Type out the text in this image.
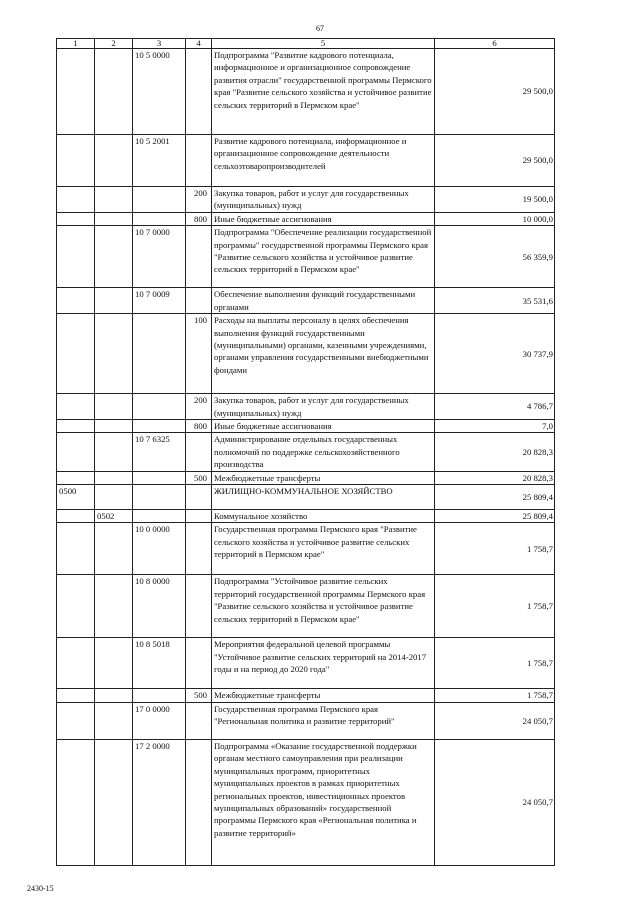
67
1	2	3	4	5	6
		10 5 0000		Подпрограмма "Развитие кадрового потенциала, информационное и организационное сопровождение развития отрасли" государственной программы Пермского края "Развитие сельского хозяйства и устойчивое развитие сельских территорий в Пермском крае"	29 500,0
		10 5 2001		Развитие кадрового потенциала, информационное и организационное сопровождение деятельности сельхозтоваропроизводителей	29 500,0
			200	Закупка товаров, работ и услуг для государственных (муниципальных) нужд	19 500,0
			800	Иные бюджетные ассигнования	10 000,0
		10 7 0000		Подпрограмма "Обеспечение реализации государственной программы" государственной программы Пермского края "Развитие сельского хозяйства и устойчивое развитие сельских территорий в Пермском крае"	56 359,9
		10 7 0009		Обеспечение выполнения функций государственными органами	35 531,6
			100	Расходы на выплаты персоналу в целях обеспечения выполнения функций государственными (муниципальными) органами, казенными учреждениями, органами управления государственными внебюджетными фондами	30 737,9
			200	Закупка товаров, работ и услуг для государственных (муниципальных) нужд	4 786,7
			800	Иные бюджетные ассигнования	7,0
		10 7 6325		Администрирование отдельных государственных полномочий по поддержке сельскохозяйственного производства	20 828,3
			500	Межбюджетные трансферты	20 828,3
0500				ЖИЛИЩНО-КОММУНАЛЬНОЕ ХОЗЯЙСТВО	25 809,4
	0502			Коммунальное хозяйство	25 809,4
		10 0 0000		Государственная программа Пермского края "Развитие сельского хозяйства и устойчивое развитие сельских территорий в Пермском крае"	1 758,7
		10 8 0000		Подпрограмма "Устойчивое развитие сельских территорий государственной программы Пермского края "Развитие сельского хозяйства и устойчивое развитие сельских территорий в Пермском крае"	1 758,7
		10 8 5018		Мероприятия федеральной целевой программы "Устойчивое развитие сельских территорий на 2014-2017 годы и на период до 2020 года"	1 758,7
			500	Межбюджетные трансферты	1 758,7
		17 0 0000		Государственная программа Пермского края "Региональная политика и развитие территорий"	24 050,7
		17 2 0000		Подпрограмма «Оказание государственной поддержки органам местного самоуправления при реализации муниципальных программ, приоритетных муниципальных проектов в рамках приоритетных региональных проектов, инвестиционных проектов муниципальных образований» государственной программы Пермского края «Региональная политика и развитие территорий»	24 050,7
2430-15
